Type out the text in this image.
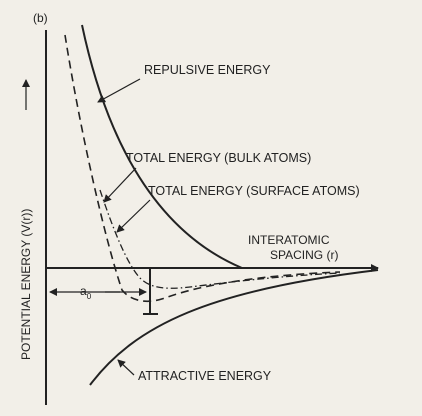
(b)
POTENTIAL ENERGY (V(r))	INTERATOMIC
SPACING (r)
$a_0$
REPULSIVE ENERGY
TOTAL ENERGY (BULK ATOMS)
TOTAL ENERGY (SURFACE ATOMS)
ATTRACTIVE ENERGY
